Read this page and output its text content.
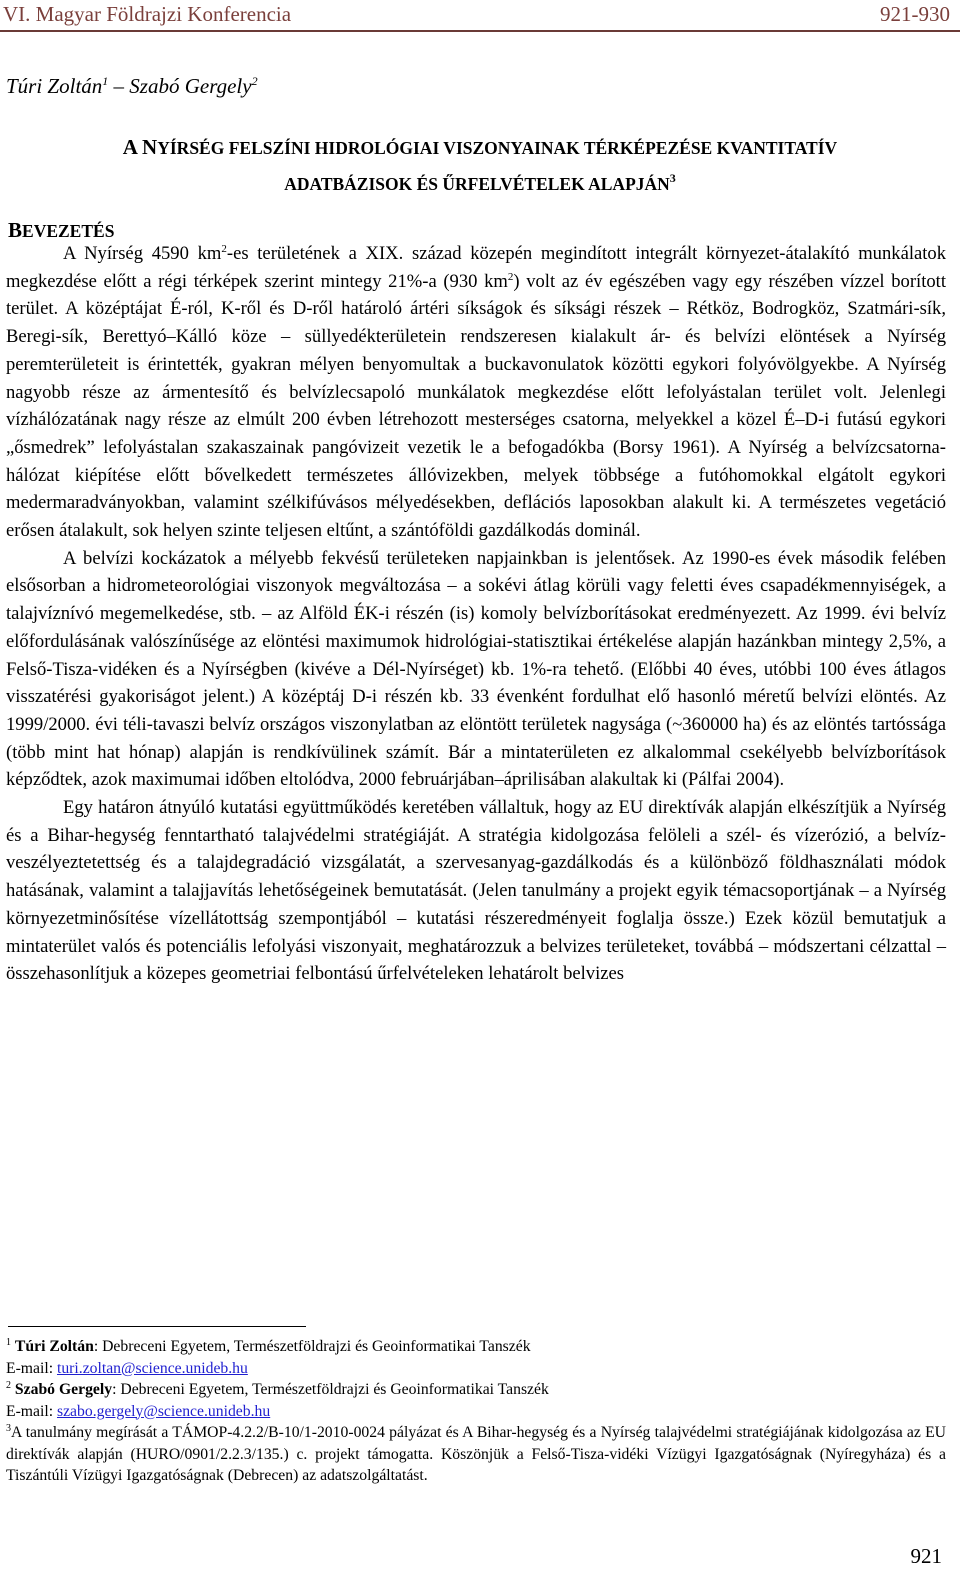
VI. Magyar Földrajzi Konferencia	921-930
Túri Zoltán$^1$ – Szabó Gergely$^2$
A NYÍRSÉG FELSZÍNI HIDROLÓGIAI VISZONYAINAK TÉRKÉPEZÉSE KVANTITATÍV
ADATBÁZISOK ÉS ŰRFELVÉTELEK ALAPJÁN$^3$
BEVEZETÉS

A Nyírség 4590 $km^2-es$ területének a XIX. század közepén megindított integrált környezet-átalakító munkálatok megkezdése előtt a régi térképek szerint mintegy 21%-a (930 $km^2$) volt az év egészében vagy egy részében vízzel borított terület. A középtájat É-ról, K-ről és D-ről határoló ártéri síkságok és síksági részek – Rétköz, Bodrogköz, Szatmári-sík, Beregi-sík, Berettyó–Kálló köze – süllyedékterületein rendszeresen kialakult ár- és belvízi elöntések a Nyírség peremterületeit is érintették, gyakran mélyen benyomultak a buckavonulatok közötti egykori folyóvölgyekbe. A Nyírség nagyobb része az ármentesítő és belvízlecsapoló munkálatok megkezdése előtt lefolyástalan terület volt. Jelenlegi vízhálózatának nagy része az elmúlt 200 évben létrehozott mesterséges csatorna, melyekkel a közel É–D-i futású egykori „ősmedrek” lefolyástalan szakaszainak pangóvizeit vezetik le a befogadókba (Borsy 1961). A Nyírség a belvízcsatorna-hálózat kiépítése előtt bővelkedett természetes állóvizekben, melyek többsége a futóhomokkal elgátolt egykori medermaradványokban, valamint szélkifúvásos mélyedésekben, deflációs laposokban alakult ki. A természetes vegetáció erősen átalakult, sok helyen szinte teljesen eltűnt, a szántóföldi gazdálkodás dominál.

A belvízi kockázatok a mélyebb fekvésű területeken napjainkban is jelentősek. Az 1990-es évek második felében elsősorban a hidrometeorológiai viszonyok megváltozása – a sokévi átlag körüli vagy feletti éves csapadékmennyiségek, a talajvíznívó megemelkedése, stb. – az Alföld ÉK-i részén (is) komoly belvízborításokat eredményezett. Az 1999. évi belvíz előfordulásának valószínűsége az elöntési maximumok hidrológiai-statisztikai értékelése alapján hazánkban mintegy 2,5%, a Felső-Tisza-vidéken és a Nyírségben (kivéve a Dél-Nyírséget) kb. 1%-ra tehető. (Előbbi 40 éves, utóbbi 100 éves átlagos visszatérési gyakoriságot jelent.) A középtáj D-i részén kb. 33 évenként fordulhat elő hasonló méretű belvízi elöntés. Az 1999/2000. évi téli-tavaszi belvíz országos viszonylatban az elöntött területek nagysága (~360000 ha) és az elöntés tartóssága (több mint hat hónap) alapján is rendkívülinek számít. Bár a mintaterületen ez alkalommal csekélyebb belvízborítások képződtek, azok maximumai időben eltolódva, 2000 februárjában–áprilisában alakultak ki (Pálfai 2004).

Egy határon átnyúló kutatási együttműködés keretében vállaltuk, hogy az EU direktívák alapján elkészítjük a Nyírség és a Bihar-hegység fenntartható talajvédelmi stratégiáját. A stratégia kidolgozása felöleli a szél- és vízerózió, a belvíz-veszélyeztetettség és a talajdegradáció vizsgálatát, a szervesanyag-gazdálkodás és a különböző földhasználati módok hatásának, valamint a talajjavítás lehetőségeinek bemutatását. (Jelen tanulmány a projekt egyik témacsoportjának – a Nyírség környezetminősítése vízellátottság szempontjából – kutatási részeredményeit foglalja össze.) Ezek közül bemutatjuk a mintaterület valós és potenciális lefolyási viszonyait, meghatározzuk a belvizes területeket, továbbá – módszertani célzattal – összehasonlítjuk a közepes geometriai felbontású űrfelvételeken lehatárolt belvizes

$^1$ Túri Zoltán: Debreceni Egyetem, Természetföldrajzi és Geoinformatikai Tanszék
E-mail: turi.zoltan@science.unideb.hu
$^2$ Szabó Gergely: Debreceni Egyetem, Természetföldrajzi és Geoinformatikai Tanszék
E-mail: szabo.gergely@science.unideb.hu
$^3$A tanulmány megírását a TÁMOP-4.2.2/B-10/1-2010-0024 pályázat és A Bihar-hegység és a Nyírség talajvédelmi stratégiájának kidolgozása az EU direktívák alapján (HURO/0901/2.2.3/135.) c. projekt támogatta. Köszönjük a Felső-Tisza-vidéki Vízügyi Igazgatóságnak (Nyíregyháza) és a Tiszántúli Vízügyi Igazgatóságnak (Debrecen) az adatszolgáltatást.
921
